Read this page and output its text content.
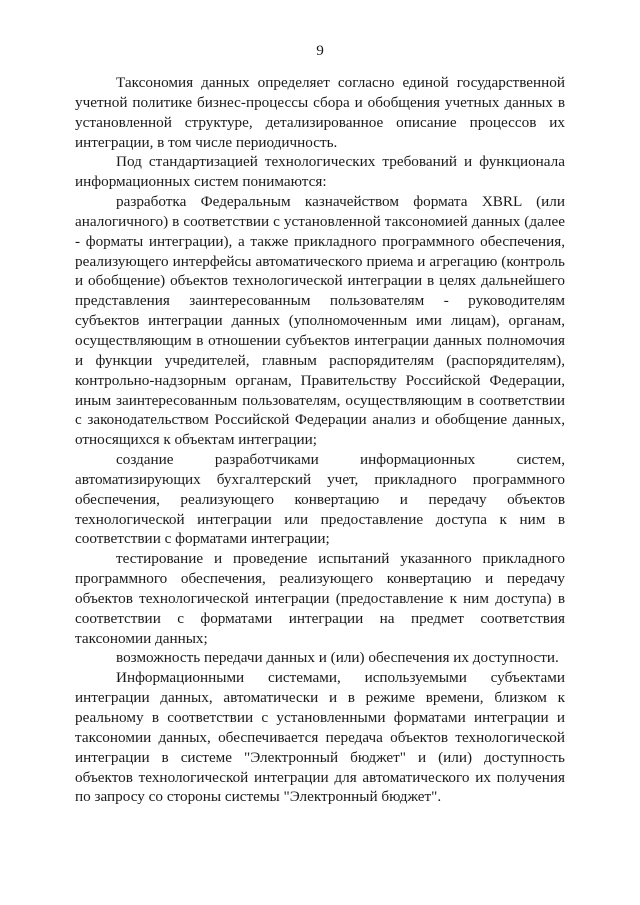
9

Таксономия данных определяет согласно единой государственной учетной политике бизнес-процессы сбора и обобщения учетных данных в установленной структуре, детализированное описание процессов их интеграции, в том числе периодичность.

Под стандартизацией технологических требований и функционала информационных систем понимаются:

разработка Федеральным казначейством формата XBRL (или аналогичного) в соответствии с установленной таксономией данных (далее - форматы интеграции), а также прикладного программного обеспечения, реализующего интерфейсы автоматического приема и агрегацию (контроль и обобщение) объектов технологической интеграции в целях дальнейшего представления заинтересованным пользователям - руководителям субъектов интеграции данных (уполномоченным ими лицам), органам, осуществляющим в отношении субъектов интеграции данных полномочия и функции учредителей, главным распорядителям (распорядителям), контрольно-надзорным органам, Правительству Российской Федерации, иным заинтересованным пользователям, осуществляющим в соответствии с законодательством Российской Федерации анализ и обобщение данных, относящихся к объектам интеграции;

создание разработчиками информационных систем, автоматизирующих бухгалтерский учет, прикладного программного обеспечения, реализующего конвертацию и передачу объектов технологической интеграции или предоставление доступа к ним в соответствии с форматами интеграции;

тестирование и проведение испытаний указанного прикладного программного обеспечения, реализующего конвертацию и передачу объектов технологической интеграции (предоставление к ним доступа) в соответствии с форматами интеграции на предмет соответствия таксономии данных;

возможность передачи данных и (или) обеспечения их доступности.

Информационными системами, используемыми субъектами интеграции данных, автоматически и в режиме времени, близком к реальному в соответствии с установленными форматами интеграции и таксономии данных, обеспечивается передача объектов технологической интеграции в системе "Электронный бюджет" и (или) доступность объектов технологической интеграции для автоматического их получения по запросу со стороны системы "Электронный бюджет".
